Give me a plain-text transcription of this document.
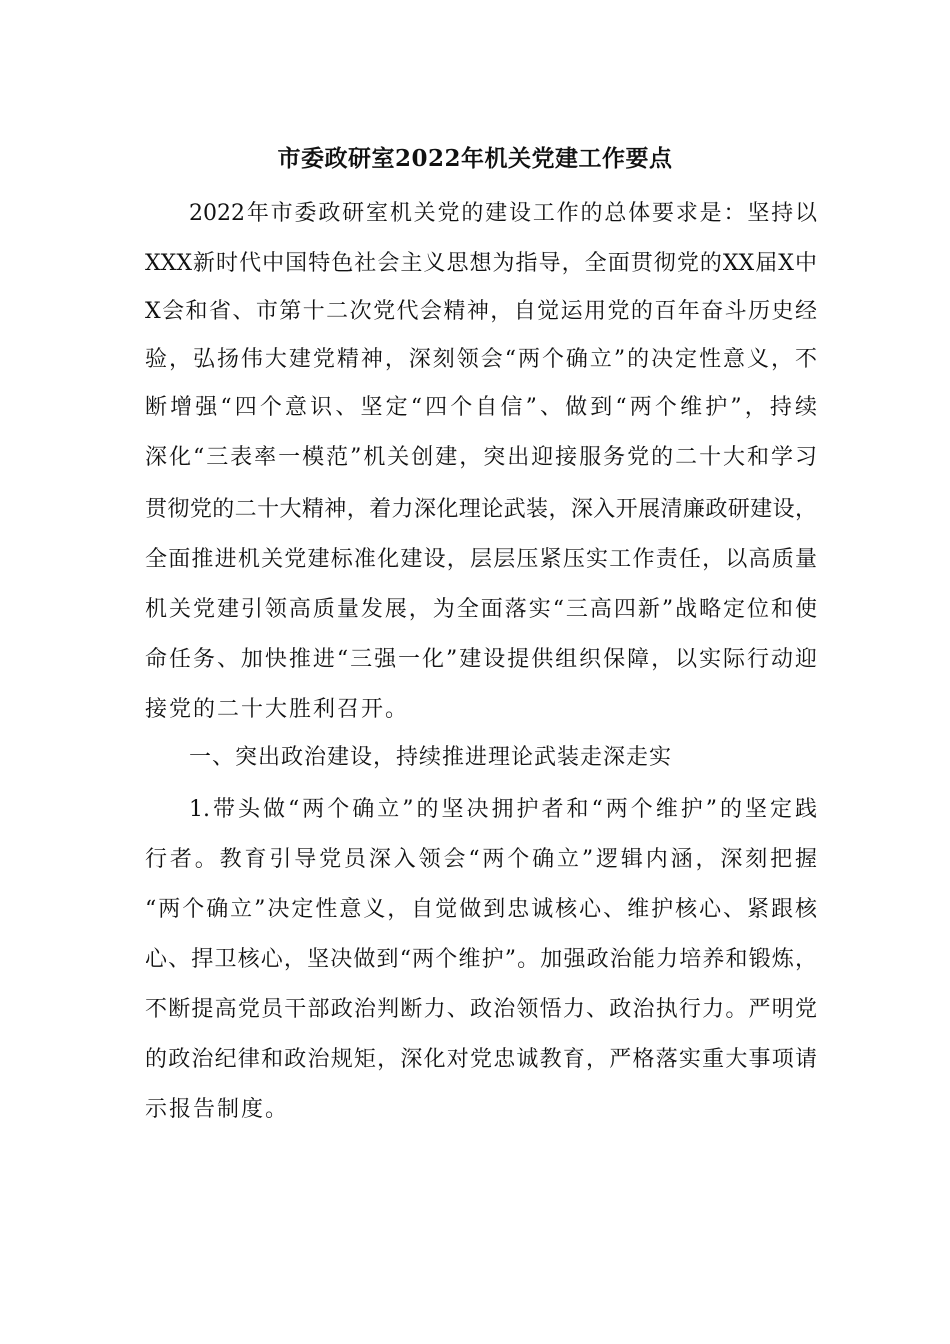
市委政研室2022年机关党建工作要点
2022年市委政研室机关党的建设工作的总体要求是：坚持以
XXX新时代中国特色社会主义思想为指导，全面贯彻党的XX届X中
X会和省、市第十二次党代会精神，自觉运用党的百年奋斗历史经
验，弘扬伟大建党精神，深刻领会“两个确立”的决定性意义，不
断增强“四个意识、坚定“四个自信”、做到“两个维护”，持续
深化“三表率一模范”机关创建，突出迎接服务党的二十大和学习
贯彻党的二十大精神，着力深化理论武装，深入开展清廉政研建设，
全面推进机关党建标准化建设，层层压紧压实工作责任，以高质量
机关党建引领高质量发展，为全面落实“三高四新”战略定位和使
命任务、加快推进“三强一化”建设提供组织保障，以实际行动迎
接党的二十大胜利召开。
一、突出政治建设，持续推进理论武装走深走实
1.带头做“两个确立”的坚决拥护者和“两个维护”的坚定践
行者。教育引导党员深入领会“两个确立”逻辑内涵，深刻把握
“两个确立”决定性意义，自觉做到忠诚核心、维护核心、紧跟核
心、捍卫核心，坚决做到“两个维护”。加强政治能力培养和锻炼，
不断提高党员干部政治判断力、政治领悟力、政治执行力。严明党
的政治纪律和政治规矩，深化对党忠诚教育，严格落实重大事项请
示报告制度。
